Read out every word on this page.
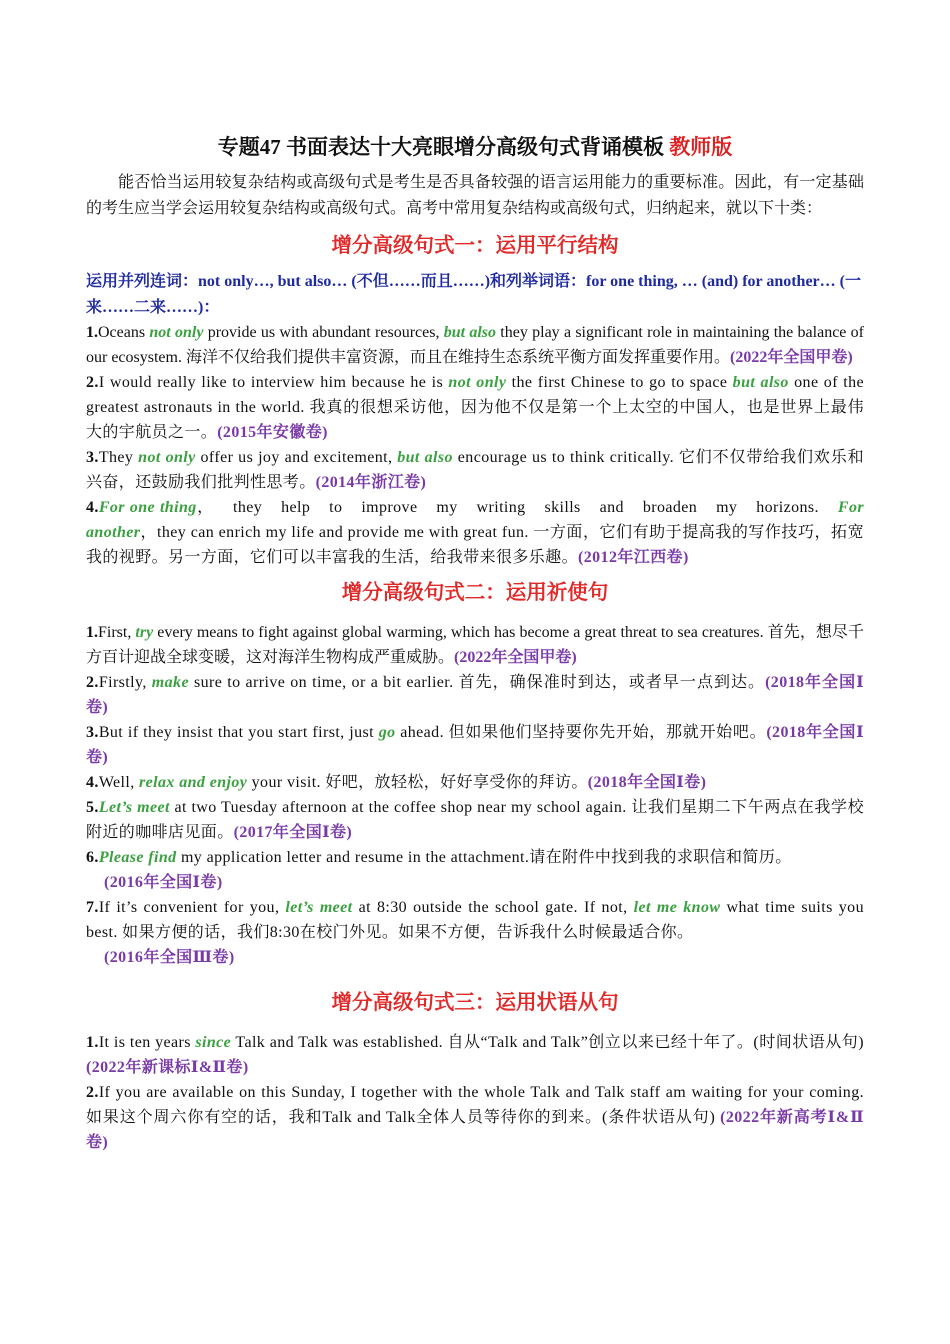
专题47 书面表达十大亮眼增分高级句式背诵模板 教师版

能否恰当运用较复杂结构或高级句式是考生是否具备较强的语言运用能力的重要标准。因此，有一定基础的考生应当学会运用较复杂结构或高级句式。高考中常用复杂结构或高级句式，归纳起来，就以下十类：

增分高级句式一：运用平行结构

运用并列连词：not only…, but also… (不但……而且……)和列举词语：for one thing, … (and) for another… (一来……二来……)：

1.Oceans not only provide us with abundant resources, but also they play a significant role in maintaining the balance of our ecosystem. 海洋不仅给我们提供丰富资源，而且在维持生态系统平衡方面发挥重要作用。(2022年全国甲卷)

2.I would really like to interview him because he is not only the first Chinese to go to space but also one of the greatest astronauts in the world. 我真的很想采访他，因为他不仅是第一个上太空的中国人，也是世界上最伟大的宇航员之一。(2015年安徽卷)

3.They not only offer us joy and excitement, but also encourage us to think critically. 它们不仅带给我们欢乐和兴奋，还鼓励我们批判性思考。(2014年浙江卷)

4.For one thing， they help to improve my writing skills and broaden my horizons. For another，they can enrich my life and provide me with great fun. 一方面，它们有助于提高我的写作技巧，拓宽我的视野。另一方面，它们可以丰富我的生活，给我带来很多乐趣。(2012年江西卷)

增分高级句式二：运用祈使句

1.First, try every means to fight against global warming, which has become a great threat to sea creatures. 首先，想尽千方百计迎战全球变暖，这对海洋生物构成严重威胁。(2022年全国甲卷)

2.Firstly, make sure to arrive on time, or a bit earlier. 首先，确保准时到达，或者早一点到达。(2018年全国Ⅰ卷)

3.But if they insist that you start first, just go ahead. 但如果他们坚持要你先开始，那就开始吧。(2018年全国Ⅰ卷)

4.Well, relax and enjoy your visit. 好吧，放轻松，好好享受你的拜访。(2018年全国Ⅰ卷)

5.Let’s meet at two Tuesday afternoon at the coffee shop near my school again. 让我们星期二下午两点在我学校附近的咖啡店见面。(2017年全国Ⅰ卷)

6.Please find my application letter and resume in the attachment.请在附件中找到我的求职信和简历。
(2016年全国Ⅰ卷)

7.If it’s convenient for you, let’s meet at 8:30 outside the school gate. If not, let me know what time suits you best. 如果方便的话，我们8:30在校门外见。如果不方便，告诉我什么时候最适合你。
(2016年全国Ⅲ卷)

增分高级句式三：运用状语从句

1.It is ten years since Talk and Talk was established. 自从“Talk and Talk”创立以来已经十年了。(时间状语从句) (2022年新课标Ⅰ&Ⅱ卷)

2.If you are available on this Sunday, I together with the whole Talk and Talk staff am waiting for your coming. 如果这个周六你有空的话，我和Talk and Talk全体人员等待你的到来。(条件状语从句) (2022年新高考Ⅰ&Ⅱ卷)
